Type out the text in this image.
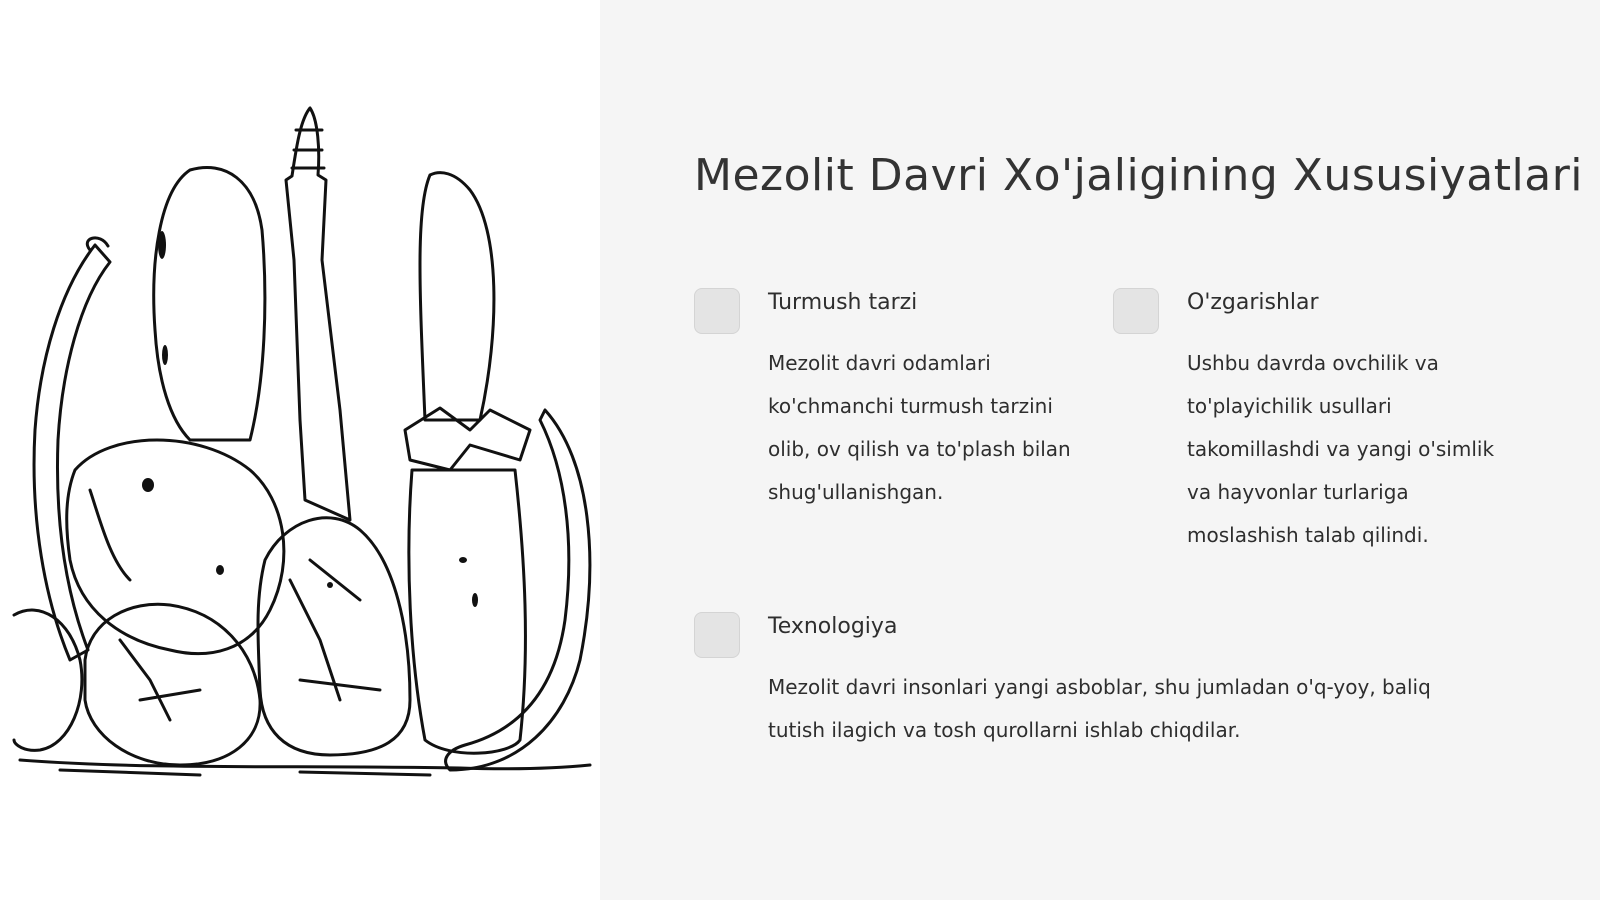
Mezolit Davri Xo'jaligining Xususiyatlari
Turmush tarzi

Mezolit davri odamlari ko'chmanchi turmush tarzini olib, ov qilish va to'plash bilan shug'ullanishgan.

O'zgarishlar

Ushbu davrda ovchilik va to'playichilik usullari takomillashdi va yangi o'simlik va hayvonlar turlariga moslashish talab qilindi.

Texnologiya

Mezolit davri insonlari yangi asboblar, shu jumladan o'q-yoy, baliq tutish ilagich va tosh qurollarni ishlab chiqdilar.
